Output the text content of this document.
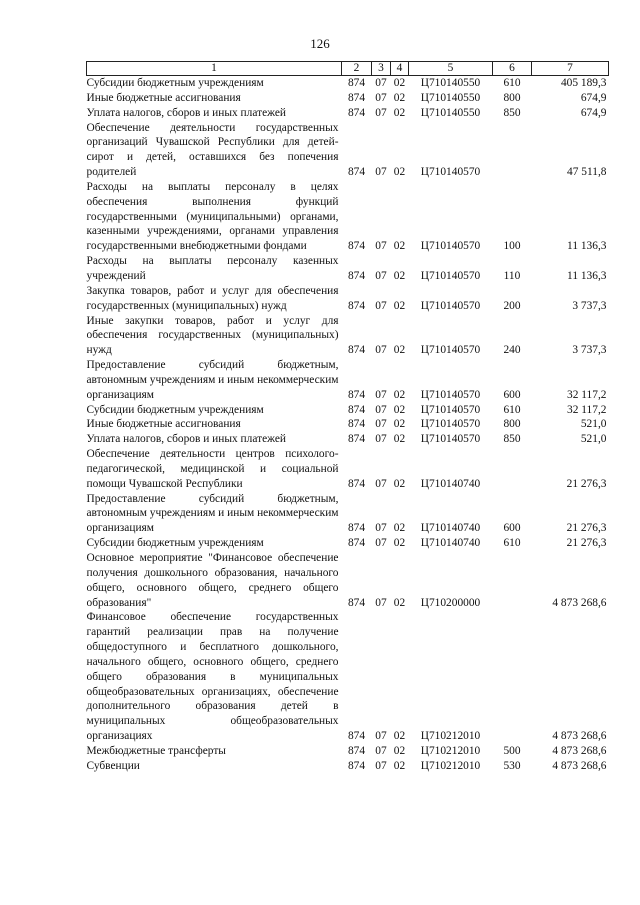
126
1	2	3	4	5	6	7
Субсидии бюджетным учреждениям	874	07	02	Ц710140550	610	405 189,3
Иные бюджетные ассигнования	874	07	02	Ц710140550	800	674,9
Уплата налогов, сборов и иных платежей	874	07	02	Ц710140550	850	674,9
Обеспечение деятельности государственных организаций Чувашской Республики для детей-сирот и детей, оставшихся без попечения родителей	874	07	02	Ц710140570		47 511,8
Расходы на выплаты персоналу в целях обеспечения выполнения функций государственными (муниципальными) органами, казенными учреждениями, органами управления государственными внебюджетными фондами	874	07	02	Ц710140570	100	11 136,3
Расходы на выплаты персоналу казенных учреждений	874	07	02	Ц710140570	110	11 136,3
Закупка товаров, работ и услуг для обеспечения государственных (муниципальных) нужд	874	07	02	Ц710140570	200	3 737,3
Иные закупки товаров, работ и услуг для обеспечения государственных (муниципальных) нужд	874	07	02	Ц710140570	240	3 737,3
Предоставление субсидий бюджетным, автономным учреждениям и иным некоммерческим организациям	874	07	02	Ц710140570	600	32 117,2
Субсидии бюджетным учреждениям	874	07	02	Ц710140570	610	32 117,2
Иные бюджетные ассигнования	874	07	02	Ц710140570	800	521,0
Уплата налогов, сборов и иных платежей	874	07	02	Ц710140570	850	521,0
Обеспечение деятельности центров психолого-педагогической, медицинской и социальной помощи Чувашской Республики	874	07	02	Ц710140740		21 276,3
Предоставление субсидий бюджетным, автономным учреждениям и иным некоммерческим организациям	874	07	02	Ц710140740	600	21 276,3
Субсидии бюджетным учреждениям	874	07	02	Ц710140740	610	21 276,3
Основное мероприятие "Финансовое обеспечение получения дошкольного образования, начального общего, основного общего, среднего общего образования"	874	07	02	Ц710200000		4 873 268,6
Финансовое обеспечение государственных гарантий реализации прав на получение общедоступного и бесплатного дошкольного, начального общего, основного общего, среднего общего образования в муниципальных общеобразовательных организациях, обеспечение дополнительного образования детей в муниципальных общеобразовательных организациях	874	07	02	Ц710212010		4 873 268,6
Межбюджетные трансферты	874	07	02	Ц710212010	500	4 873 268,6
Субвенции	874	07	02	Ц710212010	530	4 873 268,6
